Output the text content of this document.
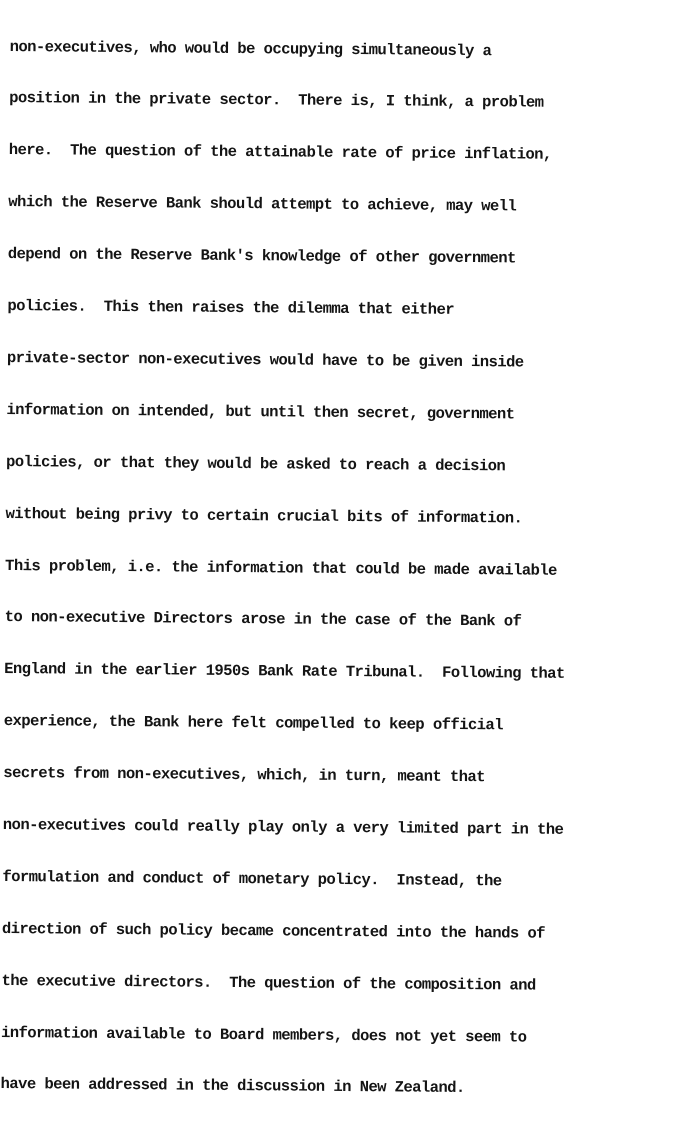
non-executives, who would be occupying simultaneously a

position in the private sector.  There is, I think, a problem

here.  The question of the attainable rate of price inflation,

which the Reserve Bank should attempt to achieve, may well

depend on the Reserve Bank's knowledge of other government

policies.  This then raises the dilemma that either

private-sector non-executives would have to be given inside

information on intended, but until then secret, government

policies, or that they would be asked to reach a decision

without being privy to certain crucial bits of information.

This problem, i.e. the information that could be made available

to non-executive Directors arose in the case of the Bank of

England in the earlier 1950s Bank Rate Tribunal.  Following that

experience, the Bank here felt compelled to keep official

secrets from non-executives, which, in turn, meant that

non-executives could really play only a very limited part in the

formulation and conduct of monetary policy.  Instead, the

direction of such policy became concentrated into the hands of

the executive directors.  The question of the composition and

information available to Board members, does not yet seem to

have been addressed in the discussion in New Zealand.
